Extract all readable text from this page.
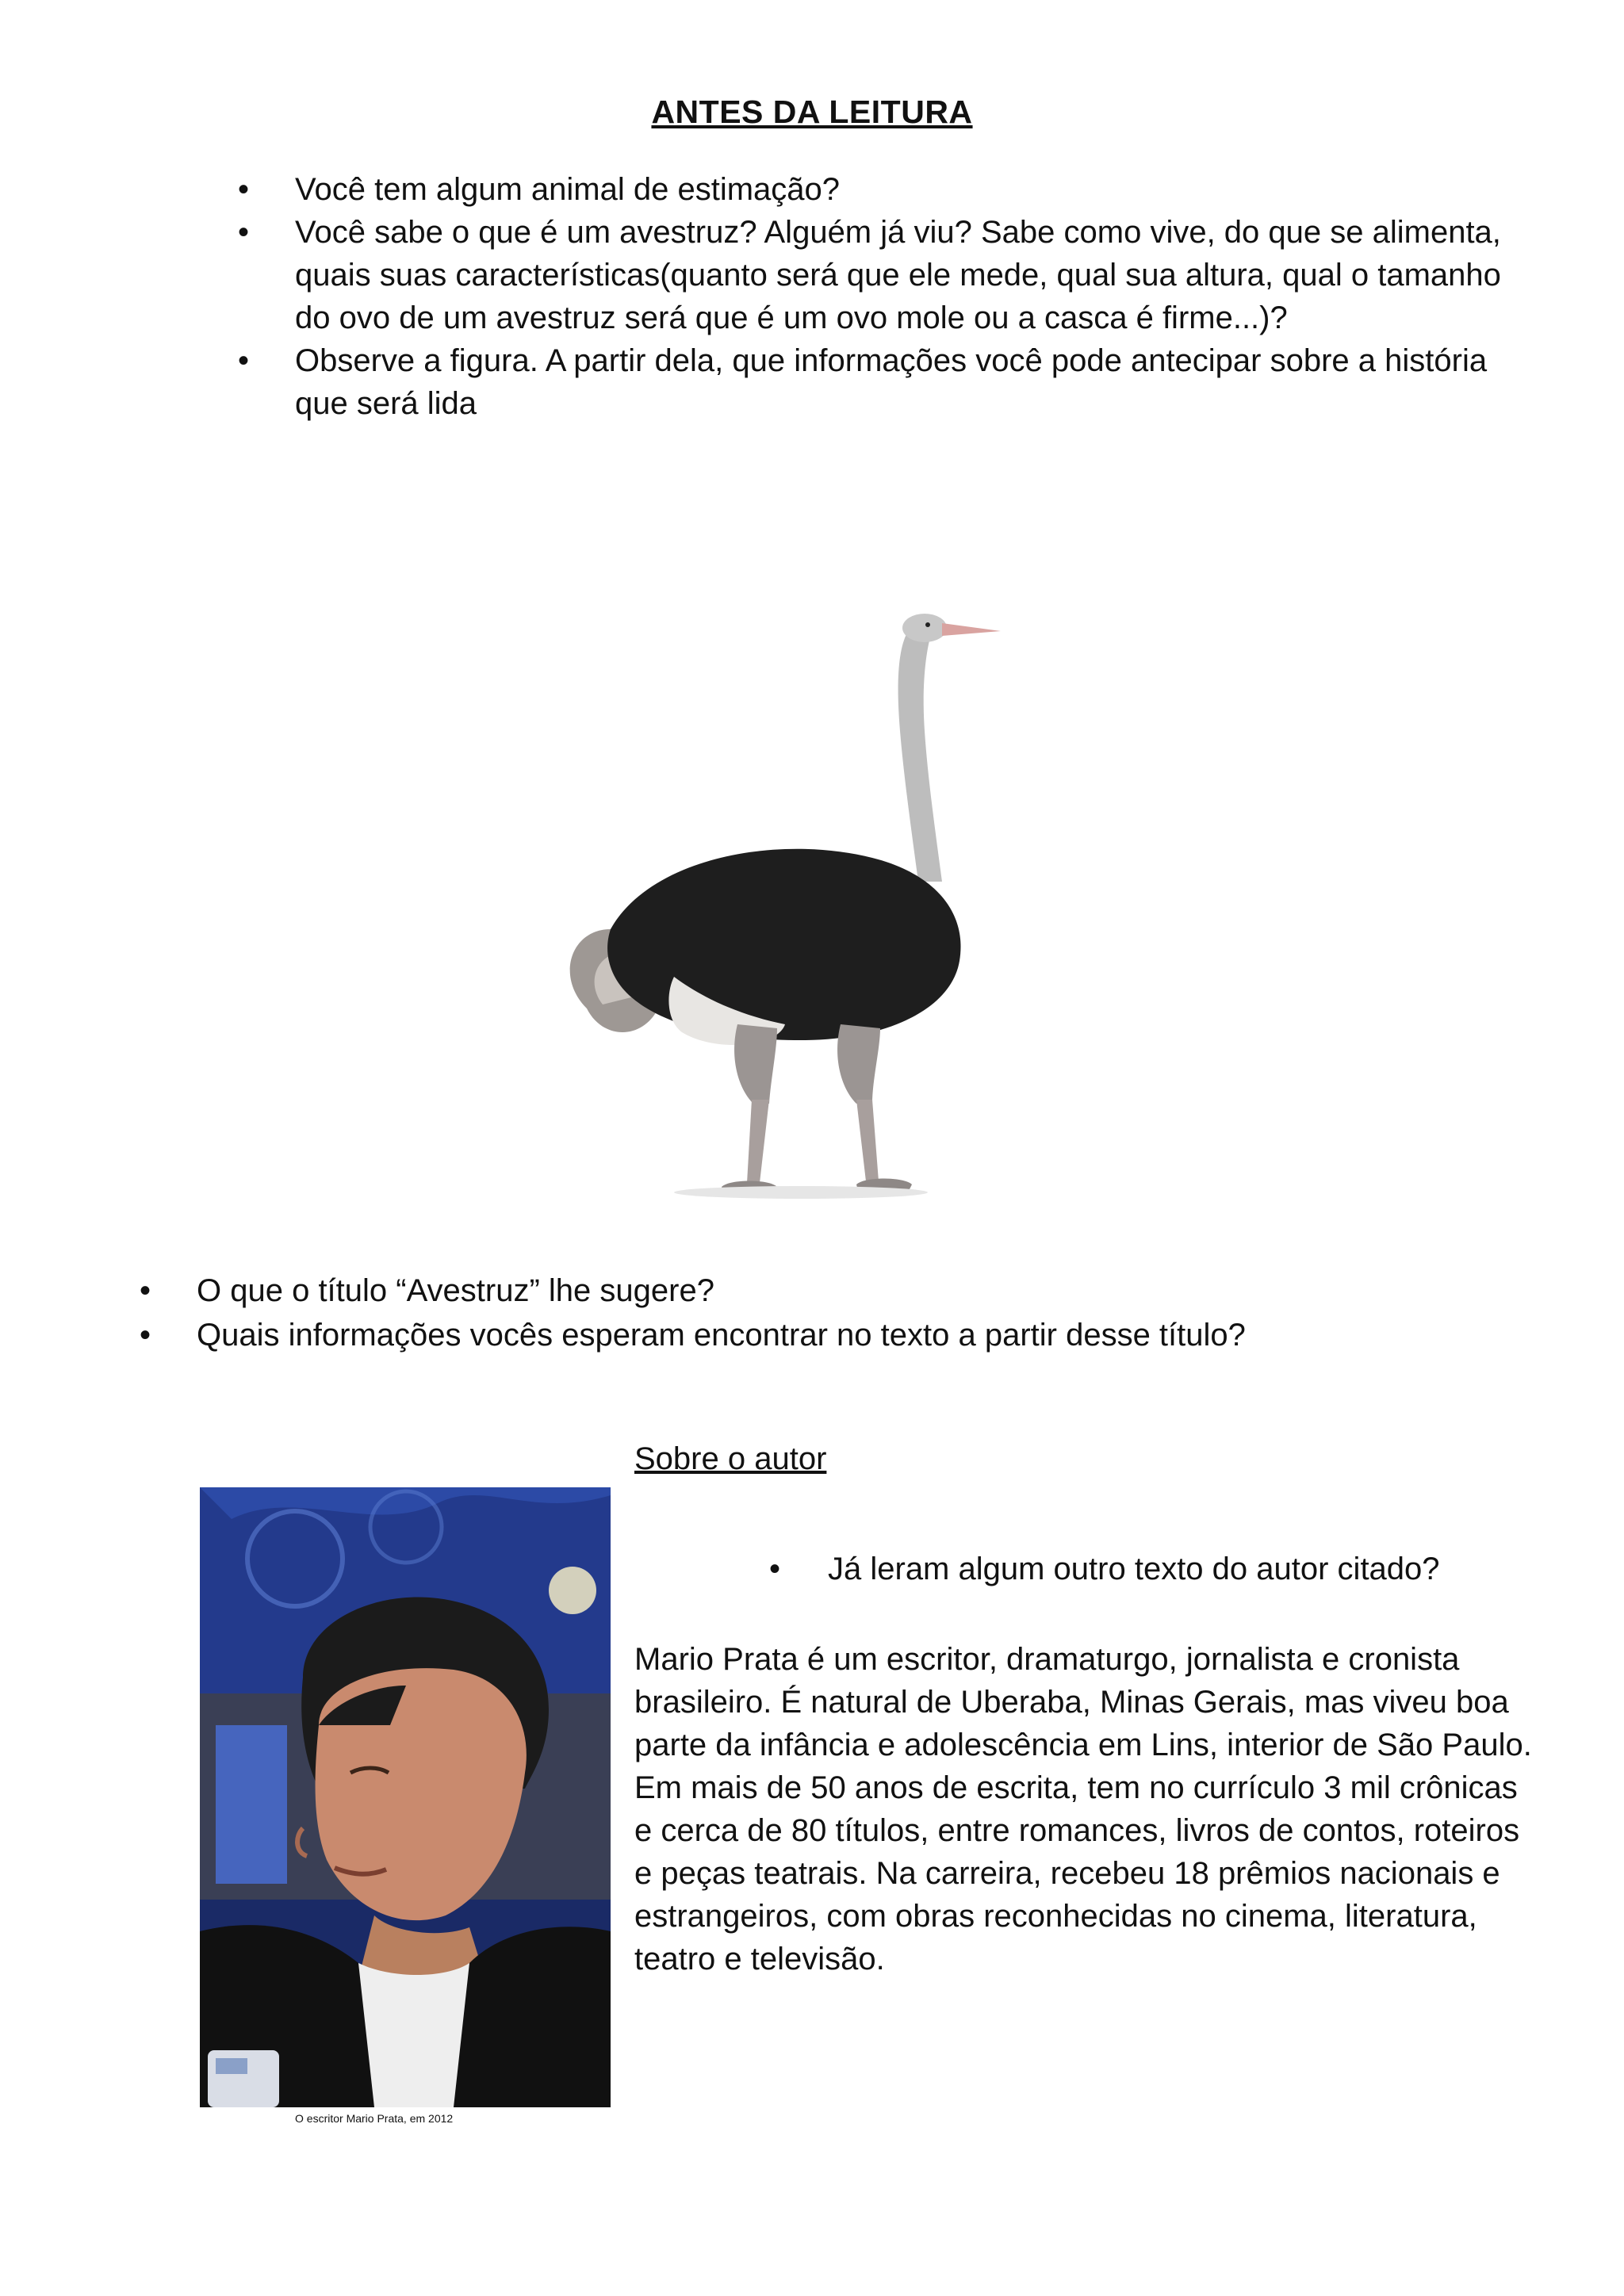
ANTES DA LEITURA
• Você tem algum animal de estimação?
• Você sabe o que é um avestruz? Alguém já viu? Sabe como vive, do que se alimenta, quais suas características(quanto será que ele mede, qual sua altura, qual o tamanho do ovo de um avestruz será que é um ovo mole ou a casca é firme...)?
• Observe a figura. A partir dela, que informações você pode antecipar sobre a história que será lida
• O que o título “Avestruz” lhe sugere?
• Quais informações vocês esperam encontrar no texto a partir desse título?
Sobre o autor
• Já leram algum outro texto do autor citado?
O escritor Mario Prata, em 2012
Mario Prata é um escritor, dramaturgo, jornalista e cronista brasileiro. É natural de Uberaba, Minas Gerais, mas viveu boa parte da infância e adolescência em Lins, interior de São Paulo. Em mais de 50 anos de escrita, tem no currículo 3 mil crônicas e cerca de 80 títulos, entre romances, livros de contos, roteiros e peças teatrais. Na carreira, recebeu 18 prêmios nacionais e estrangeiros, com obras reconhecidas no cinema, literatura, teatro e televisão.
